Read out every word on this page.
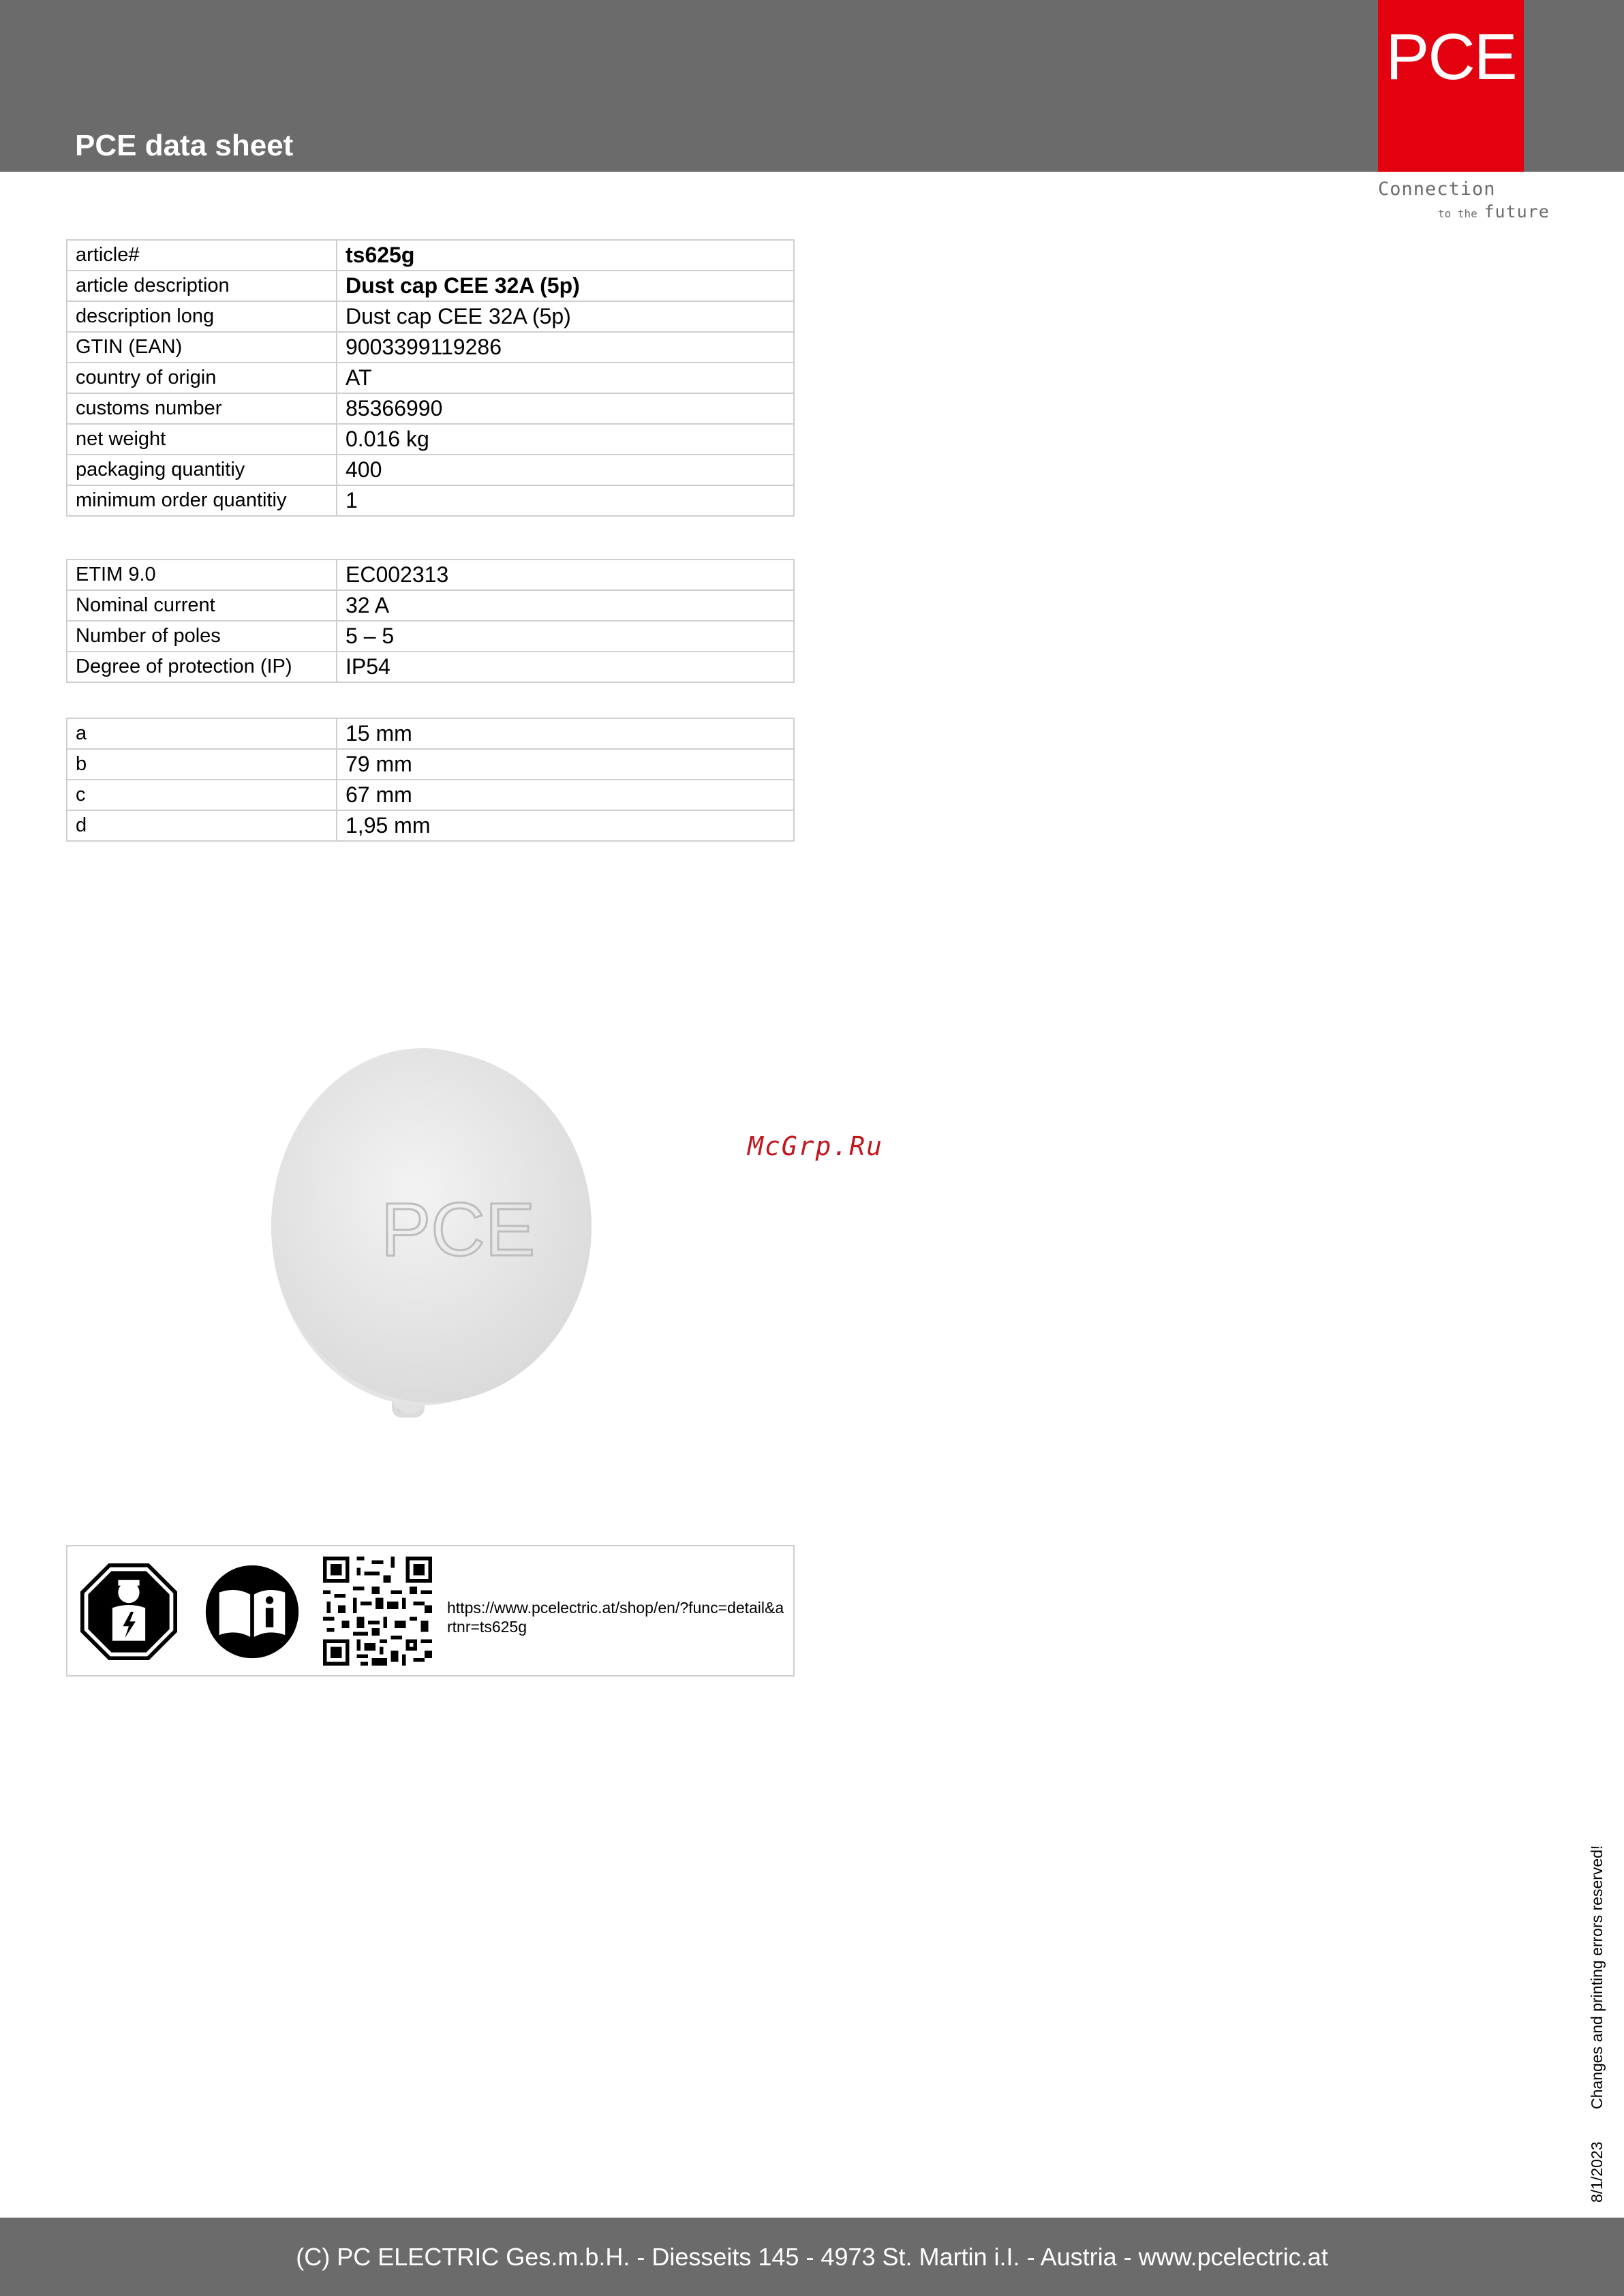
PCE data sheet
PCE
Connection
to the future
article#	ts625g
article description	Dust cap CEE 32A (5p)
description long	Dust cap CEE 32A (5p)
GTIN (EAN)	9003399119286
country of origin	AT
customs number	85366990
net weight	0.016 kg
packaging quantitiy	400
minimum order quantitiy	1
ETIM 9.0	EC002313
Nominal current	32 A
Number of poles	5 – 5
Degree of protection (IP)	IP54
a	15 mm
b	79 mm
c	67 mm
d	1,95 mm
PCE
McGrp.Ru
https://www.pcelectric.at/shop/en/?func=detail&artnr=ts625g
Changes and printing errors reserved!
8/1/2023
(C) PC ELECTRIC Ges.m.b.H. - Diesseits 145 - 4973 St. Martin i.I. - Austria - www.pcelectric.at
